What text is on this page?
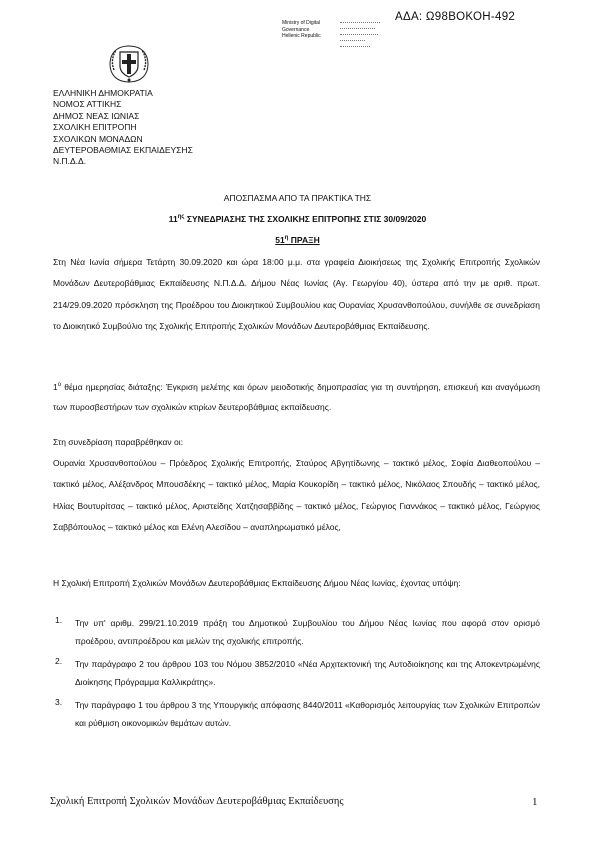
ΑΔΑ: Ω98ΒΟΚΟΗ-492
Ministry of Digital
Governance
Hellenic Republic
ΕΛΛΗΝΙΚΗ ΔΗΜΟΚΡΑΤΙΑ
ΝΟΜΟΣ ΑΤΤΙΚΗΣ
ΔΗΜΟΣ ΝΕΑΣ ΙΩΝΙΑΣ
ΣΧΟΛΙΚΗ ΕΠΙΤΡΟΠΗ
ΣΧΟΛΙΚΩΝ ΜΟΝΑΔΩΝ
ΔΕΥΤΕΡΟΒΑΘΜΙΑΣ ΕΚΠΑΙΔΕΥΣΗΣ
Ν.Π.Δ.Δ.
ΑΠΟΣΠΑΣΜΑ ΑΠΟ ΤΑ ΠΡΑΚΤΙΚΑ ΤΗΣ
$11^{\eta\varsigma}$ ΣΥΝΕΔΡΙΑΣΗΣ ΤΗΣ ΣΧΟΛΙΚΗΣ ΕΠΙΤΡΟΠΗΣ ΣΤΙΣ 30/09/2020
$51^\eta$ ΠΡΑΞΗ
Στη Νέα Ιωνία σήμερα Τετάρτη 30.09.2020 και ώρα 18:00 μ.μ. στα γραφεία Διοικήσεως της Σχολικής Επιτροπής Σχολικών Μονάδων Δευτεροβάθμιας Εκπαίδευσης Ν.Π.Δ.Δ. Δήμου Νέας Ιωνίας (Αγ. Γεωργίου 40), ύστερα από την με αριθ. πρωτ. 214/29.09.2020 πρόσκληση της Προέδρου του Διοικητικού Συμβουλίου κας Ουρανίας Χρυσανθοπούλου, συνήλθε σε συνεδρίαση το Διοικητικό Συμβούλιο της Σχολικής Επιτροπής Σχολικών Μονάδων Δευτεροβάθμιας Εκπαίδευσης.
$1^o$ θέμα ημερησίας διάταξης: Έγκριση μελέτης και όρων μειοδοτικής δημοπρασίας για τη συντήρηση, επισκευή και αναγόμωση των πυροσβεστήρων των σχολικών κτιρίων δευτεροβάθμιας εκπαίδευσης.
Στη συνεδρίαση παραβρέθηκαν οι:
Ουρανία Χρυσανθοπούλου – Πρόεδρος Σχολικής Επιτροπής, Σταύρος Αβγητίδωνης – τακτικό μέλος, Σοφία Διαθεοπούλου – τακτικό μέλος, Αλέξανδρος Μπουσδέκης – τακτικό μέλος, Μαρία Κουκορίδη – τακτικό μέλος, Νικόλαος Σπουδής – τακτικό μέλος, Ηλίας Βουτυρίτσας – τακτικό μέλος, Αριστείδης Χατζησαββίδης – τακτικό μέλος, Γεώργιος Γιαννάκος – τακτικό μέλος, Γεώργιος Σαββόπουλος – τακτικό μέλος και Ελένη Αλεσίδου – αναπληρωματικό μέλος,
Η Σχολική Επιτροπή Σχολικών Μονάδων Δευτεροβάθμιας Εκπαίδευσης Δήμου Νέας Ιωνίας, έχοντας υπόψη:
1. Την υπ' αριθμ. 299/21.10.2019 πράξη του Δημοτικού Συμβουλίου του Δήμου Νέας Ιωνίας που αφορά στον ορισμό προέδρου, αντιπροέδρου και μελών της σχολικής επιτροπής.
2. Την παράγραφο 2 του άρθρου 103 του Νόμου 3852/2010 «Νέα Αρχιτεκτονική της Αυτοδιοίκησης και της Αποκεντρωμένης Διοίκησης Πρόγραμμα Καλλικράτης».
3. Την παράγραφο 1 του άρθρου 3 της Υπουργικής απόφασης 8440/2011 «Καθορισμός λειτουργίας των Σχολικών Επιτροπών και ρύθμιση οικονομικών θεμάτων αυτών.
Σχολική Επιτροπή Σχολικών Μονάδων Δευτεροβάθμιας Εκπαίδευσης	1
